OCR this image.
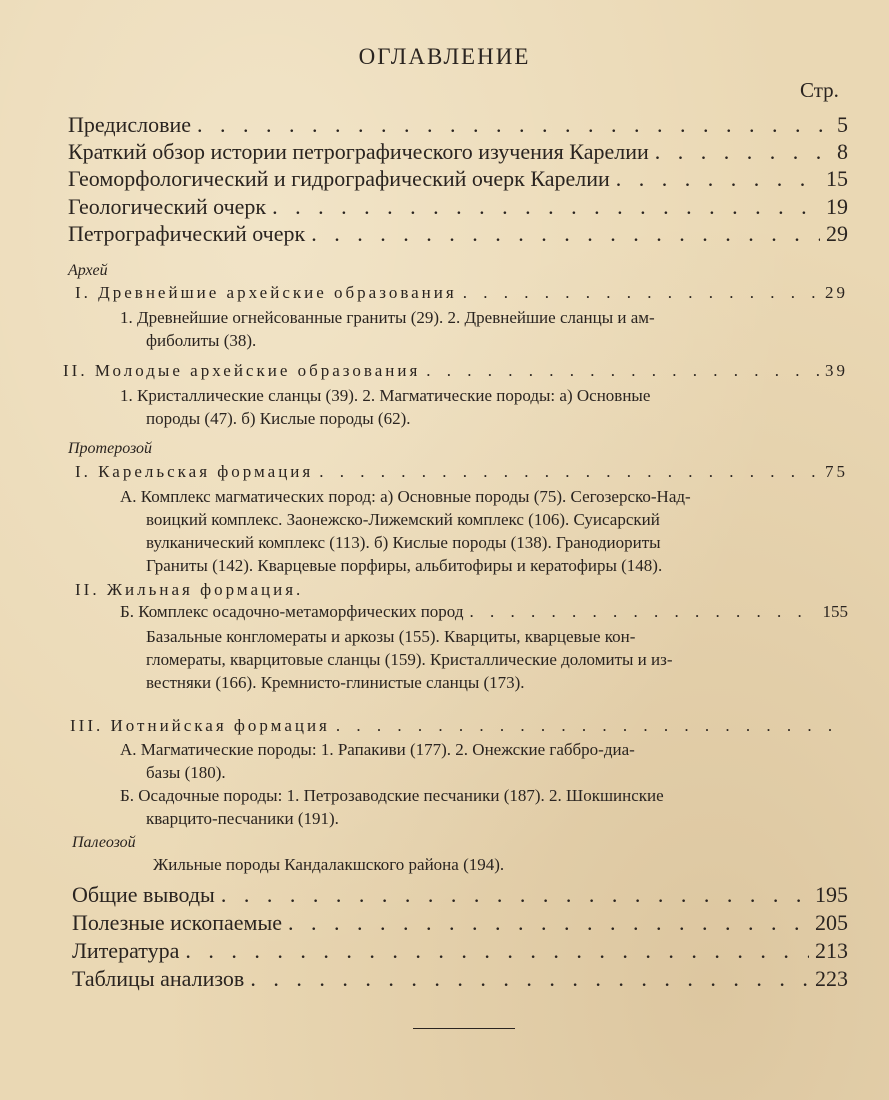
ОГЛАВЛЕНИЕ
Стр.
Предисловие . . .	5
Краткий обзор истории петрографического изучения Карелии . . .	8
Геоморфологический и гидрографический очерк Карелии . . .	15
Геологический очерк . . .	19
Петрографический очерк . . .	29
Архей
I. Древнейшие архейские образования . . .	29
1. Древнейшие огнейсованные граниты (29). 2. Древнейшие сланцы и ам-
фиболиты (38).
II. Молодые архейские образования . . .	39
1. Кристаллические сланцы (39). 2. Магматические породы: а) Основные
породы (47). б) Кислые породы (62).
Протерозой
I. Карельская формация . . .	75
А. Комплекс магматических пород: а) Основные породы (75). Сегозерско-Над-
воицкий комплекс. Заонежско-Лижемский комплекс (106). Суисарский
вулканический комплекс (113). б) Кислые породы (138). Гранодиориты
Граниты (142). Кварцевые порфиры, альбитофиры и кератофиры (148).
II. Жильная формация.
Б. Комплекс осадочно-метаморфических пород . . .	155
Базальные конгломераты и аркозы (155). Кварциты, кварцевые кон-
гломераты, кварцитовые сланцы (159). Кристаллические доломиты и из-
вестняки (166). Кремнисто-глинистые сланцы (173).
III. Иотнийская формация
. . .
А. Магматические породы: 1. Рапакиви (177). 2. Онежские габбро-диа-
базы (180).
Б. Осадочные породы: 1. Петрозаводские песчаники (187). 2. Шокшинские
кварцито-песчаники (191).
Палеозой
Жильные породы Кандалакшского района (194).
Общие выводы . . .	195
Полезные ископаемые . . .	205
Литература . . .	213
Таблицы анализов . . .	223
